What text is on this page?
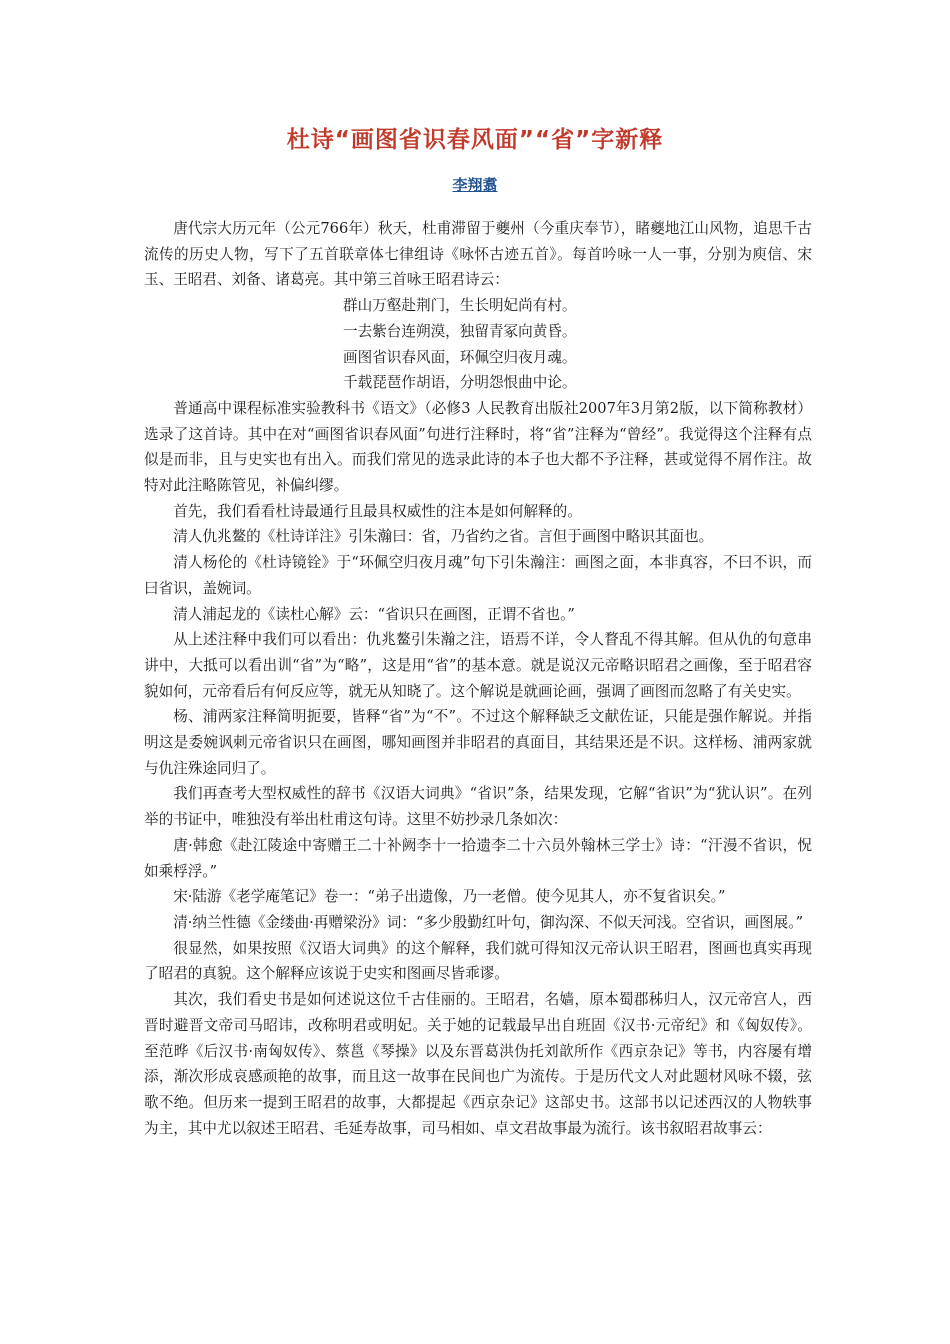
杜诗“画图省识春风面”“省”字新释
李翔翥

唐代宗大历元年（公元766年）秋天，杜甫滞留于夔州（今重庆奉节），睹夔地江山风物，追思千古流传的历史人物，写下了五首联章体七律组诗《咏怀古迹五首》。每首吟咏一人一事，分别为庾信、宋玉、王昭君、刘备、诸葛亮。其中第三首咏王昭君诗云：

群山万壑赴荆门，生长明妃尚有村。
一去紫台连朔漠，独留青冢向黄昏。
画图省识春风面，环佩空归夜月魂。
千载琵琶作胡语，分明怨恨曲中论。

普通高中课程标准实验教科书《语文》（必修3 人民教育出版社2007年3月第2版，以下简称教材）选录了这首诗。其中在对“画图省识春风面”句进行注释时，将“省”注释为“曾经”。我觉得这个注释有点似是而非，且与史实也有出入。而我们常见的选录此诗的本子也大都不予注释，甚或觉得不屑作注。故特对此注略陈管见，补偏纠缪。

首先，我们看看杜诗最通行且最具权威性的注本是如何解释的。

清人仇兆鳌的《杜诗详注》引朱瀚曰：省，乃省约之省。言但于画图中略识其面也。

清人杨伦的《杜诗镜铨》于“环佩空归夜月魂”句下引朱瀚注：画图之面，本非真容，不曰不识，而曰省识，盖婉词。

清人浦起龙的《读杜心解》云：“省识只在画图，正谓不省也。”

从上述注释中我们可以看出：仇兆鳌引朱瀚之注，语焉不详，令人瞀乱不得其解。但从仇的句意串讲中，大抵可以看出训“省”为“略”，这是用“省”的基本意。就是说汉元帝略识昭君之画像，至于昭君容貌如何，元帝看后有何反应等，就无从知晓了。这个解说是就画论画，强调了画图而忽略了有关史实。

杨、浦两家注释简明扼要，皆释“省”为“不”。不过这个解释缺乏文献佐证，只能是强作解说。并指明这是委婉讽刺元帝省识只在画图，哪知画图并非昭君的真面目，其结果还是不识。这样杨、浦两家就与仇注殊途同归了。

我们再查考大型权威性的辞书《汉语大词典》“省识”条，结果发现，它解“省识”为“犹认识”。在列举的书证中，唯独没有举出杜甫这句诗。这里不妨抄录几条如次：

唐·韩愈《赴江陵途中寄赠王二十补阙李十一拾遗李二十六员外翰林三学士》诗：“汗漫不省识，怳如乘桴浮。”

宋·陆游《老学庵笔记》卷一：“弟子出遗像，乃一老僧。使今见其人，亦不复省识矣。”

清·纳兰性德《金缕曲·再赠梁汾》词：“多少殷勤红叶句，御沟深、不似天河浅。空省识，画图展。”

很显然，如果按照《汉语大词典》的这个解释，我们就可得知汉元帝认识王昭君，图画也真实再现了昭君的真貌。这个解释应该说于史实和图画尽皆乖谬。

其次，我们看史书是如何述说这位千古佳丽的。王昭君，名嫱，原本蜀郡秭归人，汉元帝宫人，西晋时避晋文帝司马昭讳，改称明君或明妃。关于她的记载最早出自班固《汉书·元帝纪》和《匈奴传》。至范晔《后汉书·南匈奴传》、蔡邕《琴操》以及东晋葛洪伪托刘歆所作《西京杂记》等书，内容屡有增添，渐次形成哀感顽艳的故事，而且这一故事在民间也广为流传。于是历代文人对此题材风咏不辍，弦歌不绝。但历来一提到王昭君的故事，大都提起《西京杂记》这部史书。这部书以记述西汉的人物轶事为主，其中尤以叙述王昭君、毛延寿故事，司马相如、卓文君故事最为流行。该书叙昭君故事云：
